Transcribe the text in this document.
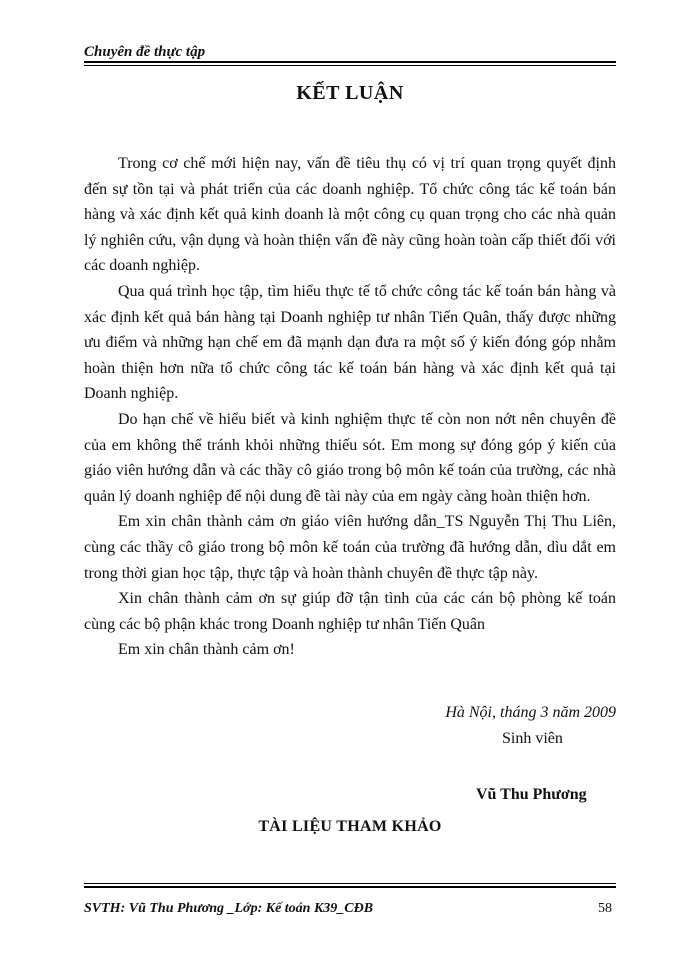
Chuyên đề thực tập
KẾT LUẬN

Trong cơ chế mới hiện nay, vấn đề tiêu thụ có vị trí quan trọng quyết định đến sự tồn tại và phát triển của các doanh nghiệp. Tổ chức công tác kế toán bán hàng và xác định kết quả kinh doanh là một công cụ quan trọng cho các nhà quản lý nghiên cứu, vận dụng và hoàn thiện vấn đề này cũng hoàn toàn cấp thiết đối với các doanh nghiệp.

Qua quá trình học tập, tìm hiểu thực tế tổ chức công tác kế toán bán hàng và xác định kết quả bán hàng tại Doanh nghiệp tư nhân Tiến Quân, thấy được những ưu điểm và những hạn chế em đã mạnh dạn đưa ra một số ý kiến đóng góp nhằm hoàn thiện hơn nữa tổ chức công tác kế toán bán hàng và xác định kết quả tại Doanh nghiệp.

Do hạn chế về hiểu biết và kinh nghiệm thực tế còn non nớt nên chuyên đề của em không thể tránh khỏi những thiếu sót. Em mong sự đóng góp ý kiến của giáo viên hướng dẫn và các thầy cô giáo trong bộ môn kế toán của trường, các nhà quản lý doanh nghiệp để nội dung đề tài này của em ngày càng hoàn thiện hơn.

Em xin chân thành cảm ơn giáo viên hướng dẫn_TS Nguyễn Thị Thu Liên, cùng các thầy cô giáo trong bộ môn kế toán của trường đã hướng dẫn, dìu dắt em trong thời gian học tập, thực tập và hoàn thành chuyên đề thực tập này.

Xin chân thành cảm ơn sự giúp đỡ tận tình của các cán bộ phòng kế toán cùng các bộ phận khác trong Doanh nghiệp tư nhân Tiến Quân

Em xin chân thành cảm ơn!

Hà Nội, tháng 3 năm 2009
Sinh viên
Vũ Thu Phương
TÀI LIỆU THAM KHẢO
SVTH: Vũ Thu Phương _Lớp: Kế toán K39_CĐB	58
